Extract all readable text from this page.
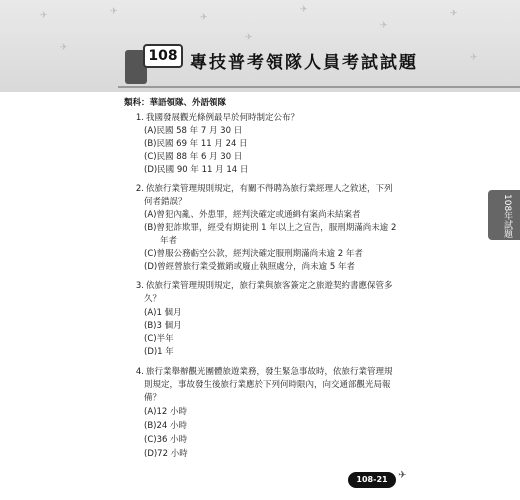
✈	✈
✈
✈
✈
✈
✈
✈
✈
108 專技普考領隊人員考試試題
108年試題
類科：華語領隊、外語領隊
1. 我國發展觀光條例最早於何時制定公布？
(A)民國 58 年 7 月 30 日
(B)民國 69 年 11 月 24 日
(C)民國 88 年 6 月 30 日
(D)民國 90 年 11 月 14 日
2. 依旅行業管理規則規定，有關不得聘為旅行業經理人之敘述，下列
何者錯誤？
(A)曾犯內亂、外患罪，經判決確定或通緝有案尚未結案者
(B)曾犯詐欺罪，經受有期徒刑 1 年以上之宣告，服刑期滿尚未逾 2
年者
(C)曾服公務虧空公款，經判決確定服刑期滿尚未逾 2 年者
(D)曾經營旅行業受撤銷或廢止執照處分，尚未逾 5 年者
3. 依旅行業管理規則規定，旅行業與旅客簽定之旅遊契約書應保管多
久？
(A)1 個月
(B)3 個月
(C)半年
(D)1 年
4. 旅行業舉辦觀光團體旅遊業務，發生緊急事故時，依旅行業管理規
則規定，事故發生後旅行業應於下列何時限內，向交通部觀光局報
備？
(A)12 小時
(B)24 小時
(C)36 小時
(D)72 小時
108-21	✈
